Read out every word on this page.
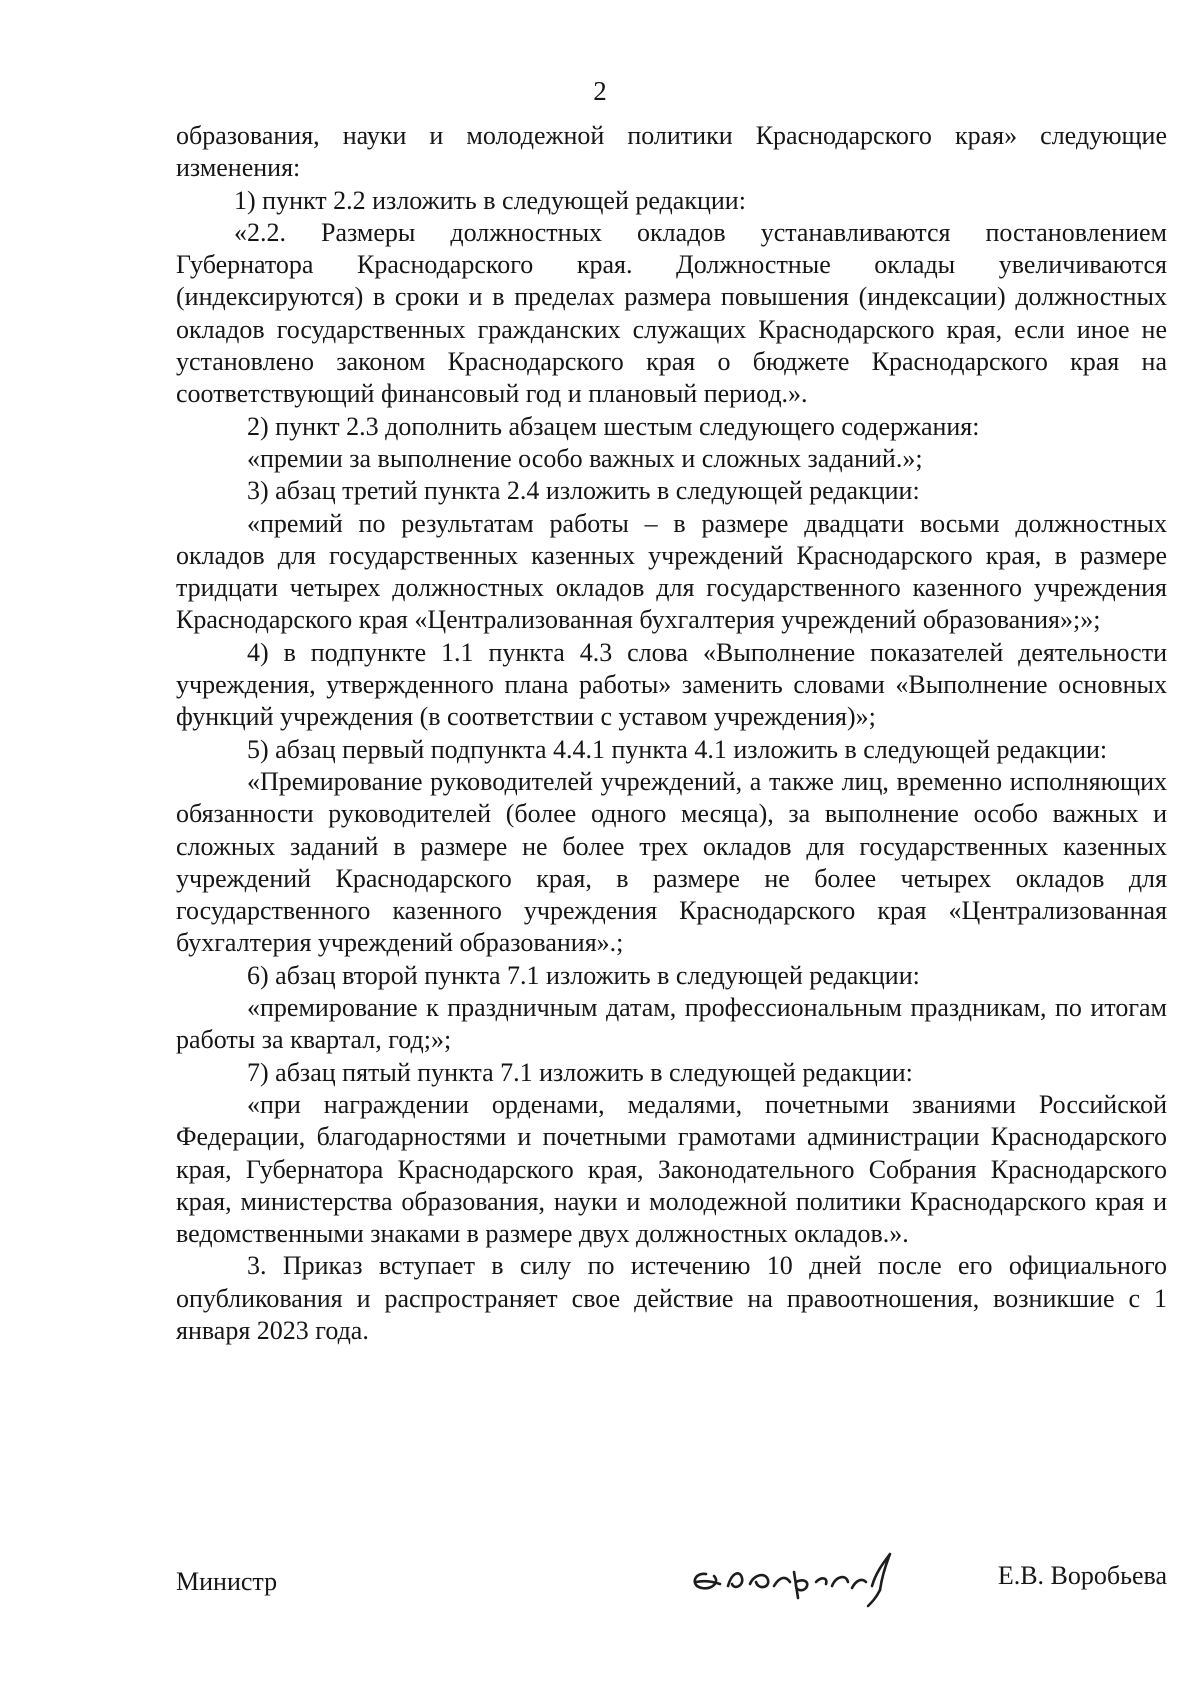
2

образования, науки и молодежной политики Краснодарского края» следующие изменения:

1) пункт 2.2 изложить в следующей редакции:

«2.2. Размеры должностных окладов устанавливаются постановлением Губернатора Краснодарского края. Должностные оклады увеличиваются (индексируются) в сроки и в пределах размера повышения (индексации) должностных окладов государственных гражданских служащих Краснодарского края, если иное не установлено законом Краснодарского края о бюджете Краснодарского края на соответствующий финансовый год и плановый период.».

2) пункт 2.3 дополнить абзацем шестым следующего содержания:

«премии за выполнение особо важных и сложных заданий.»;

3) абзац третий пункта 2.4 изложить в следующей редакции:

«премий по результатам работы – в размере двадцати восьми должностных окладов для государственных казенных учреждений Краснодарского края, в размере тридцати четырех должностных окладов для государственного казенного учреждения Краснодарского края «Централизованная бухгалтерия учреждений образования»;»;

4) в подпункте 1.1 пункта 4.3 слова «Выполнение показателей деятельности учреждения, утвержденного плана работы» заменить словами «Выполнение основных функций учреждения (в соответствии с уставом учреждения)»;

5) абзац первый подпункта 4.4.1 пункта 4.1 изложить в следующей редакции:

«Премирование руководителей учреждений, а также лиц, временно исполняющих обязанности руководителей (более одного месяца), за выполнение особо важных и сложных заданий в размере не более трех окладов для государственных казенных учреждений Краснодарского края, в размере не более четырех окладов для государственного казенного учреждения Краснодарского края «Централизованная бухгалтерия учреждений образования».;

6) абзац второй пункта 7.1 изложить в следующей редакции:

«премирование к праздничным датам, профессиональным праздникам, по итогам работы за квартал, год;»;

7) абзац пятый пункта 7.1 изложить в следующей редакции:

«при награждении орденами, медалями, почетными званиями Российской Федерации, благодарностями и почетными грамотами администрации Краснодарского края, Губернатора Краснодарского края, Законодательного Собрания Краснодарского края, министерства образования, науки и молодежной политики Краснодарского края и ведомственными знаками в размере двух должностных окладов.».

3. Приказ вступает в силу по истечению 10 дней после его официального опубликования и распространяет свое действие на правоотношения, возникшие с 1 января 2023 года.

Министр	Е.В. Воробьева
